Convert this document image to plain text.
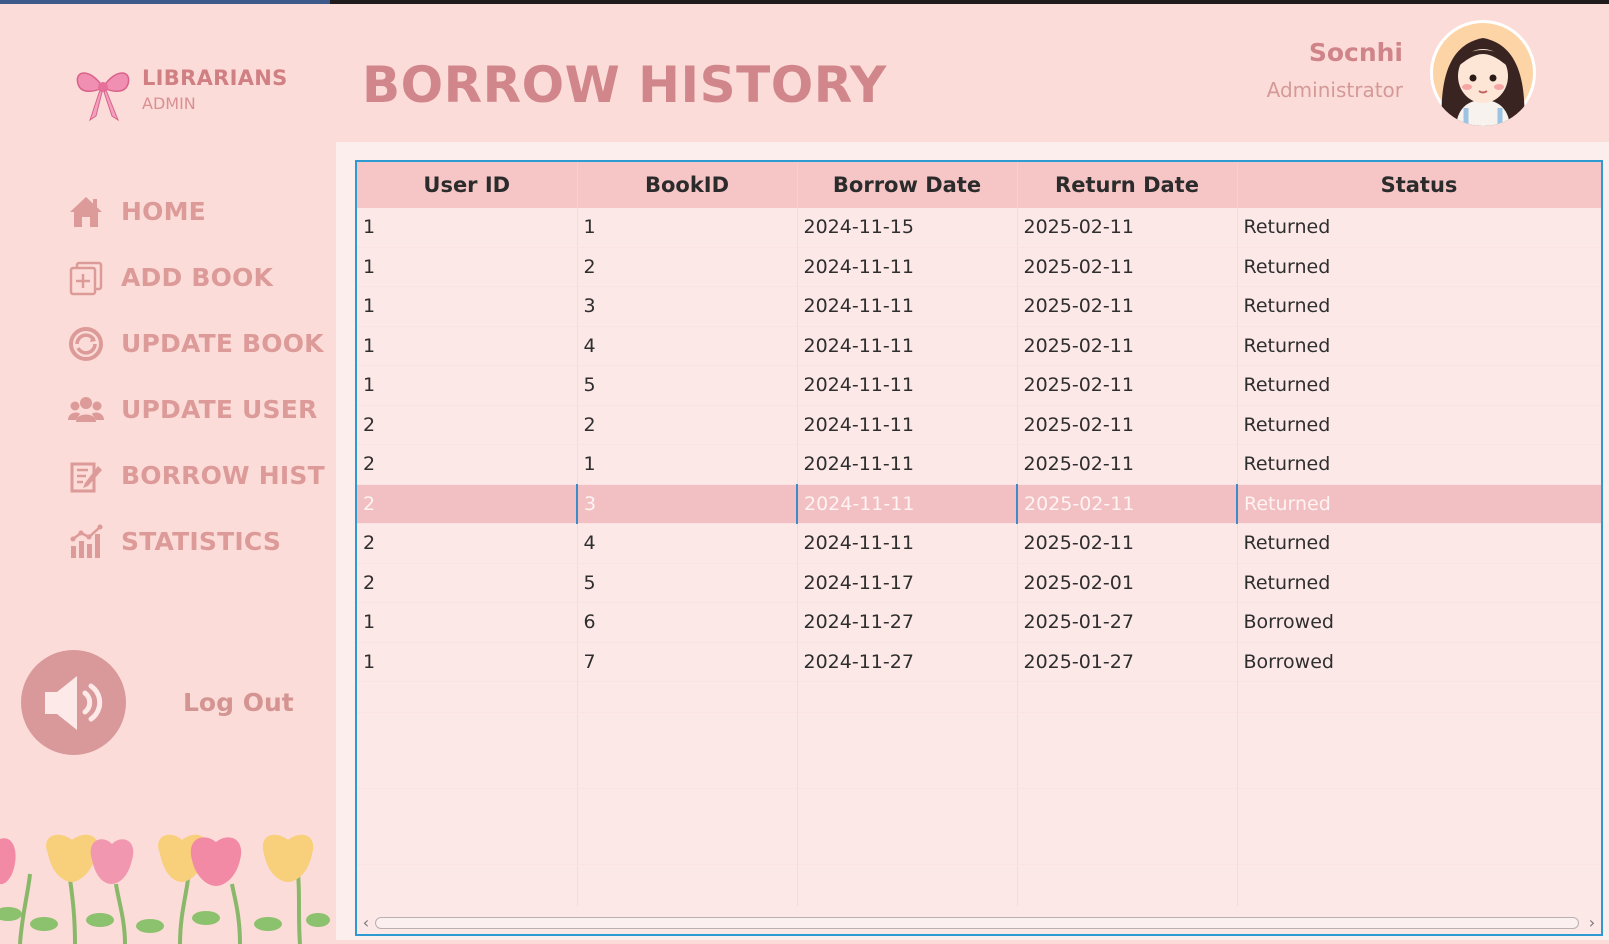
LIBRARIANS
ADMIN
HOME
ADD BOOK
UPDATE BOOK
UPDATE USER
BORROW HIST
STATISTICS
Log Out
BORROW HISTORY
Socnhi
Administrator
User ID	BookID	Borrow Date	Return Date	Status
1	1	2024-11-15	2025-02-11	Returned
1	2	2024-11-11	2025-02-11	Returned
1	3	2024-11-11	2025-02-11	Returned
1	4	2024-11-11	2025-02-11	Returned
1	5	2024-11-11	2025-02-11	Returned
2	2	2024-11-11	2025-02-11	Returned
2	1	2024-11-11	2025-02-11	Returned
2	3	2024-11-11	2025-02-11	Returned
2	4	2024-11-11	2025-02-11	Returned
2	5	2024-11-17	2025-02-01	Returned
1	6	2024-11-27	2025-01-27	Borrowed
1	7	2024-11-27	2025-01-27	Borrowed
‹	›
